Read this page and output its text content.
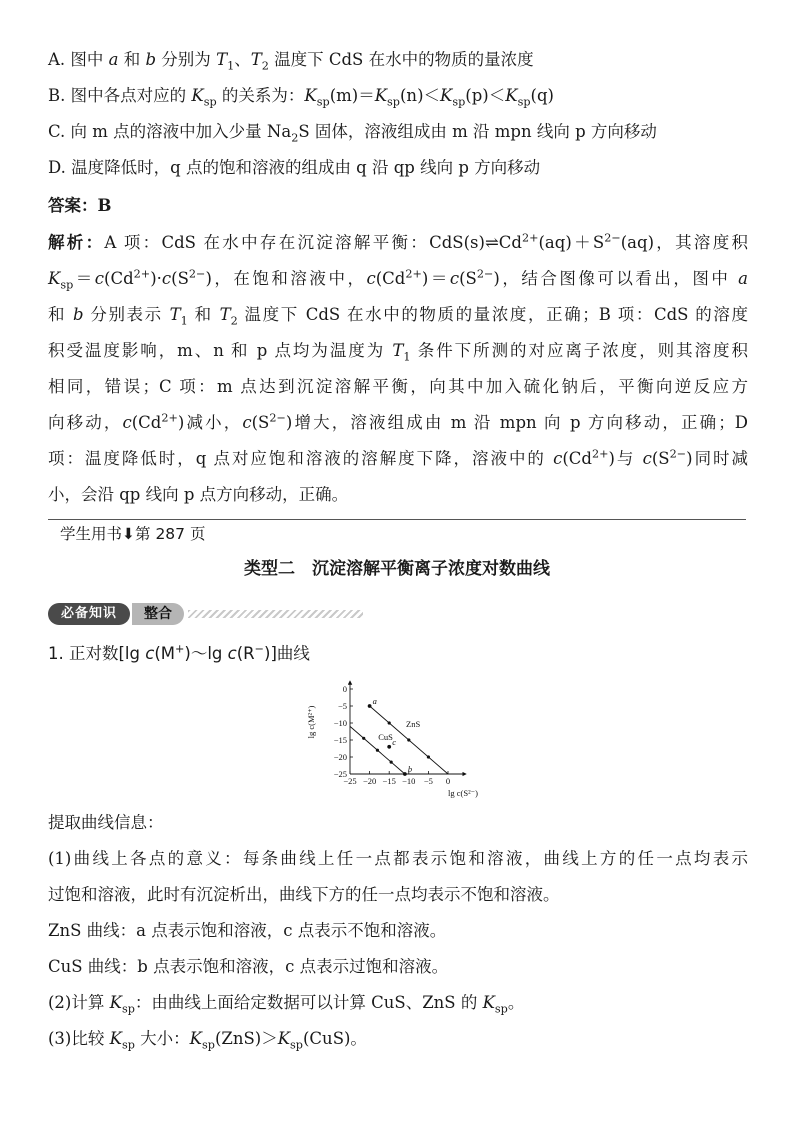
A. 图中 a 和 b 分别为 $T_1$、$T_2$ 温度下 CdS 在水中的物质的量浓度
B. 图中各点对应的 $K_{sp}$ 的关系为：$K_{sp}(m)=K_{sp}(n)<K_{sp}(p)<K_{sp}(q)$
C. 向 m 点的溶液中加入少量 $Na_2S$ 固体，溶液组成由 m 沿 mpn 线向 p 方向移动
D. 温度降低时，q 点的饱和溶液的组成由 q 沿 qp 线向 p 方向移动
答案：B
解析：A 项：CdS 在水中存在沉淀溶解平衡：$CdS(s)\rightleftharpoons Cd^{2+}(aq)+S^{2-}(aq)$，其溶度积
$K_{sp}=c(Cd^{2+})\cdot c(S^{2-})$，在饱和溶液中，$c(Cd^{2+})=c(S^{2-})$，结合图像可以看出，图中 a
和 b 分别表示 $T_1$ 和 $T_2$ 温度下 CdS 在水中的物质的量浓度，正确；B 项：CdS 的溶度
积受温度影响，m、n 和 p 点均为温度为 $T_1$ 条件下所测的对应离子浓度，则其溶度积
相同，错误；C 项：m 点达到沉淀溶解平衡，向其中加入硫化钠后，平衡向逆反应方
向移动，$c(Cd^{2+})$减小，$c(S^{2-})$增大，溶液组成由 m 沿 mpn 向 p 方向移动，正确；D
项：温度降低时，q 点对应饱和溶液的溶解度下降，溶液中的 $c(Cd^{2+})$与 $c(S^{2-})$同时减
小，会沿 qp 线向 p 点方向移动，正确。
学生用书⬇第 287 页
类型二　沉淀溶解平衡离子浓度对数曲线
必备知识	整合
1. 正对数[lg c(M+)～lg c(R−)]曲线
0
−5
−10
−15
−20
−25
−25 −20 −15 −10 −5 0
ZnS
CuS
a
b
c
lg c(M²⁺)
lg c(S²⁻)
提取曲线信息：
(1)曲线上各点的意义：每条曲线上任一点都表示饱和溶液，曲线上方的任一点均表示
过饱和溶液，此时有沉淀析出，曲线下方的任一点均表示不饱和溶液。
ZnS 曲线：a 点表示饱和溶液，c 点表示不饱和溶液。
CuS 曲线：b 点表示饱和溶液，c 点表示过饱和溶液。
(2)计算 $K_{sp}$：由曲线上面给定数据可以计算 CuS、ZnS 的 $K_{sp}$。
(3)比较 $K_{sp}$ 大小：$K_{sp}(ZnS)>K_{sp}(CuS)$。
